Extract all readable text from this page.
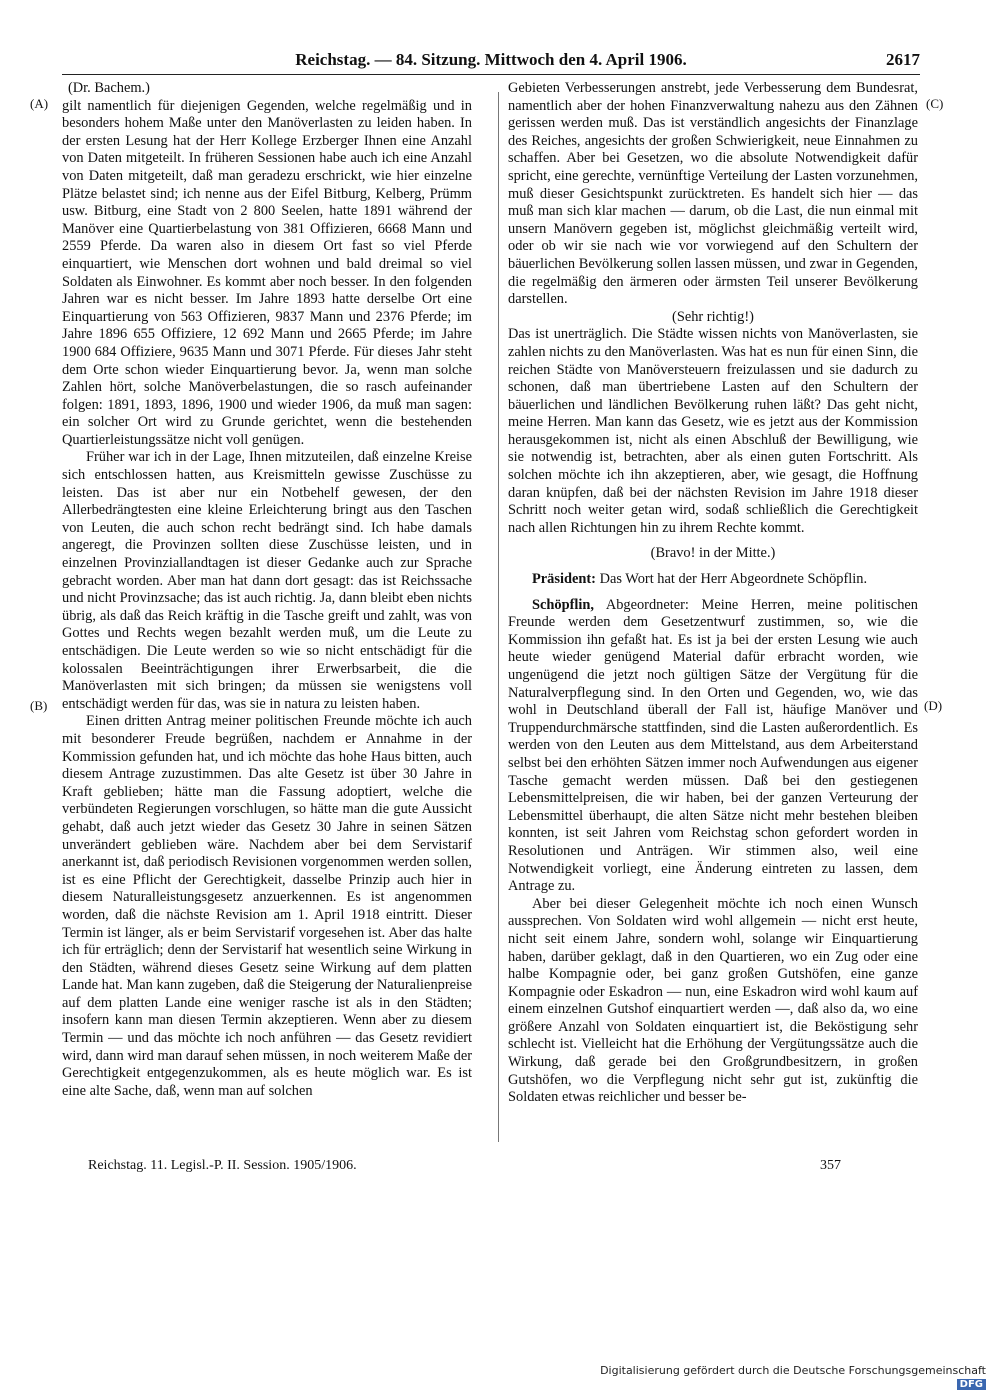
Reichstag. — 84. Sitzung. Mittwoch den 4. April 1906.	2617
(A)
(B)
(C)
(D)

(Dr. Bachem.)

gilt namentlich für diejenigen Gegenden, welche regelmäßig und in besonders hohem Maße unter den Manöverlasten zu leiden haben. In der ersten Lesung hat der Herr Kollege Erzberger Ihnen eine Anzahl von Daten mitgeteilt. In früheren Sessionen habe auch ich eine Anzahl von Daten mitgeteilt, daß man geradezu erschrickt, wie hier einzelne Plätze belastet sind; ich nenne aus der Eifel Bitburg, Kelberg, Prümm usw. Bitburg, eine Stadt von 2 800 Seelen, hatte 1891 während der Manöver eine Quartierbelastung von 381 Offizieren, 6668 Mann und 2559 Pferde. Da waren also in diesem Ort fast so viel Pferde einquartiert, wie Menschen dort wohnen und bald dreimal so viel Soldaten als Einwohner. Es kommt aber noch besser. In den folgenden Jahren war es nicht besser. Im Jahre 1893 hatte derselbe Ort eine Einquartierung von 563 Offizieren, 9837 Mann und 2376 Pferde; im Jahre 1896 655 Offiziere, 12 692 Mann und 2665 Pferde; im Jahre 1900 684 Offiziere, 9635 Mann und 3071 Pferde. Für dieses Jahr steht dem Orte schon wieder Einquartierung bevor. Ja, wenn man solche Zahlen hört, solche Manöverbelastungen, die so rasch aufeinander folgen: 1891, 1893, 1896, 1900 und wieder 1906, da muß man sagen: ein solcher Ort wird zu Grunde gerichtet, wenn die bestehenden Quartierleistungssätze nicht voll genügen.

Früher war ich in der Lage, Ihnen mitzuteilen, daß einzelne Kreise sich entschlossen hatten, aus Kreismitteln gewisse Zuschüsse zu leisten. Das ist aber nur ein Notbehelf gewesen, der den Allerbedrängtesten eine kleine Erleichterung bringt aus den Taschen von Leuten, die auch schon recht bedrängt sind. Ich habe damals angeregt, die Provinzen sollten diese Zuschüsse leisten, und in einzelnen Provinziallandtagen ist dieser Gedanke auch zur Sprache gebracht worden. Aber man hat dann dort gesagt: das ist Reichssache und nicht Provinzsache; das ist auch richtig. Ja, dann bleibt eben nichts übrig, als daß das Reich kräftig in die Tasche greift und zahlt, was von Gottes und Rechts wegen bezahlt werden muß, um die Leute zu entschädigen. Die Leute werden so wie so nicht entschädigt für die kolossalen Beeinträchtigungen ihrer Erwerbsarbeit, die die Manöverlasten mit sich bringen; da müssen sie wenigstens voll entschädigt werden für das, was sie in natura zu leisten haben.

Einen dritten Antrag meiner politischen Freunde möchte ich auch mit besonderer Freude begrüßen, nachdem er Annahme in der Kommission gefunden hat, und ich möchte das hohe Haus bitten, auch diesem Antrage zuzustimmen. Das alte Gesetz ist über 30 Jahre in Kraft geblieben; hätte man die Fassung adoptiert, welche die verbündeten Regierungen vorschlugen, so hätte man die gute Aussicht gehabt, daß auch jetzt wieder das Gesetz 30 Jahre in seinen Sätzen unverändert geblieben wäre. Nachdem aber bei dem Servistarif anerkannt ist, daß periodisch Revisionen vorgenommen werden sollen, ist es eine Pflicht der Gerechtigkeit, dasselbe Prinzip auch hier in diesem Naturalleistungsgesetz anzuerkennen. Es ist angenommen worden, daß die nächste Revision am 1. April 1918 eintritt. Dieser Termin ist länger, als er beim Servistarif vorgesehen ist. Aber das halte ich für erträglich; denn der Servistarif hat wesentlich seine Wirkung in den Städten, während dieses Gesetz seine Wirkung auf dem platten Lande hat. Man kann zugeben, daß die Steigerung der Naturalienpreise auf dem platten Lande eine weniger rasche ist als in den Städten; insofern kann man diesen Termin akzeptieren. Wenn aber zu diesem Termin — und das möchte ich noch anführen — das Gesetz revidiert wird, dann wird man darauf sehen müssen, in noch weiterem Maße der Gerechtigkeit entgegenzukommen, als es heute möglich war. Es ist eine alte Sache, daß, wenn man auf solchen

Gebieten Verbesserungen anstrebt, jede Verbesserung dem Bundesrat, namentlich aber der hohen Finanzverwaltung nahezu aus den Zähnen gerissen werden muß. Das ist verständlich angesichts der Finanzlage des Reiches, angesichts der großen Schwierigkeit, neue Einnahmen zu schaffen. Aber bei Gesetzen, wo die absolute Notwendigkeit dafür spricht, eine gerechte, vernünftige Verteilung der Lasten vorzunehmen, muß dieser Gesichtspunkt zurücktreten. Es handelt sich hier — das muß man sich klar machen — darum, ob die Last, die nun einmal mit unsern Manövern gegeben ist, möglichst gleichmäßig verteilt wird, oder ob wir sie nach wie vor vorwiegend auf den Schultern der bäuerlichen Bevölkerung sollen lassen müssen, und zwar in Gegenden, die regelmäßig den ärmeren oder ärmsten Teil unserer Bevölkerung darstellen.

(Sehr richtig!)

Das ist unerträglich. Die Städte wissen nichts von Manöverlasten, sie zahlen nichts zu den Manöverlasten. Was hat es nun für einen Sinn, die reichen Städte von Manöversteuern freizulassen und sie dadurch zu schonen, daß man übertriebene Lasten auf den Schultern der bäuerlichen und ländlichen Bevölkerung ruhen läßt? Das geht nicht, meine Herren. Man kann das Gesetz, wie es jetzt aus der Kommission herausgekommen ist, nicht als einen Abschluß der Bewilligung, wie sie notwendig ist, betrachten, aber als einen guten Fortschritt. Als solchen möchte ich ihn akzeptieren, aber, wie gesagt, die Hoffnung daran knüpfen, daß bei der nächsten Revision im Jahre 1918 dieser Schritt noch weiter getan wird, sodaß schließlich die Gerechtigkeit nach allen Richtungen hin zu ihrem Rechte kommt.

(Bravo! in der Mitte.)

Präsident: Das Wort hat der Herr Abgeordnete Schöpflin.

Schöpflin, Abgeordneter: Meine Herren, meine politischen Freunde werden dem Gesetzentwurf zustimmen, so, wie die Kommission ihn gefaßt hat. Es ist ja bei der ersten Lesung wie auch heute wieder genügend Material dafür erbracht worden, wie ungenügend die jetzt noch gültigen Sätze der Vergütung für die Naturalverpflegung sind. In den Orten und Gegenden, wo, wie das wohl in Deutschland überall der Fall ist, häufige Manöver und Truppendurchmärsche stattfinden, sind die Lasten außerordentlich. Es werden von den Leuten aus dem Mittelstand, aus dem Arbeiterstand selbst bei den erhöhten Sätzen immer noch Aufwendungen aus eigener Tasche gemacht werden müssen. Daß bei den gestiegenen Lebensmittelpreisen, die wir haben, bei der ganzen Verteurung der Lebensmittel überhaupt, die alten Sätze nicht mehr bestehen bleiben konnten, ist seit Jahren vom Reichstag schon gefordert worden in Resolutionen und Anträgen. Wir stimmen also, weil eine Notwendigkeit vorliegt, eine Änderung eintreten zu lassen, dem Antrage zu.

Aber bei dieser Gelegenheit möchte ich noch einen Wunsch aussprechen. Von Soldaten wird wohl allgemein — nicht erst heute, nicht seit einem Jahre, sondern wohl, solange wir Einquartierung haben, darüber geklagt, daß in den Quartieren, wo ein Zug oder eine halbe Kompagnie oder, bei ganz großen Gutshöfen, eine ganze Kompagnie oder Eskadron — nun, eine Eskadron wird wohl kaum auf einem einzelnen Gutshof einquartiert werden —, daß also da, wo eine größere Anzahl von Soldaten einquartiert ist, die Beköstigung sehr schlecht ist. Vielleicht hat die Erhöhung der Vergütungssätze auch die Wirkung, daß gerade bei den Großgrundbesitzern, in großen Gutshöfen, wo die Verpflegung nicht sehr gut ist, zukünftig die Soldaten etwas reichlicher und besser be-

Reichstag. 11. Legisl.-P. II. Session. 1905/1906.	357
Digitalisierung gefördert durch die Deutsche Forschungsgemeinschaft DFG
